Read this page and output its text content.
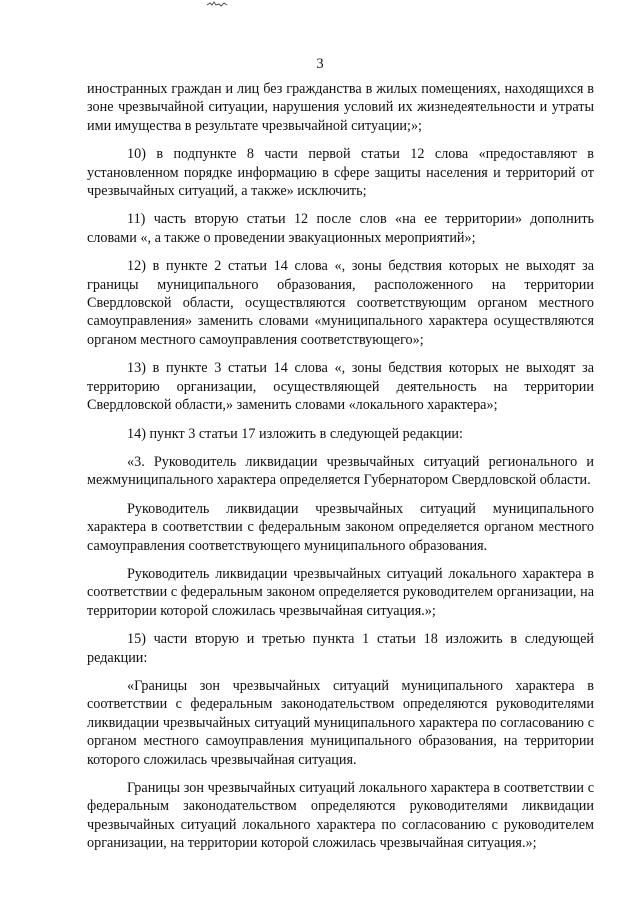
3

иностранных граждан и лиц без гражданства в жилых помещениях, находящихся в зоне чрезвычайной ситуации, нарушения условий их жизнедеятельности и утраты ими имущества в результате чрезвычайной ситуации;»;

10) в подпункте 8 части первой статьи 12 слова «предоставляют в установленном порядке информацию в сфере защиты населения и территорий от чрезвычайных ситуаций, а также» исключить;

11) часть вторую статьи 12 после слов «на ее территории» дополнить словами «, а также о проведении эвакуационных мероприятий»;

12) в пункте 2 статьи 14 слова «, зоны бедствия которых не выходят за границы муниципального образования, расположенного на территории Свердловской области, осуществляются соответствующим органом местного самоуправления» заменить словами «муниципального характера осуществляются органом местного самоуправления соответствующего»;

13) в пункте 3 статьи 14 слова «, зоны бедствия которых не выходят за территорию организации, осуществляющей деятельность на территории Свердловской области,» заменить словами «локального характера»;

14) пункт 3 статьи 17 изложить в следующей редакции:

«3. Руководитель ликвидации чрезвычайных ситуаций регионального и межмуниципального характера определяется Губернатором Свердловской области.

Руководитель ликвидации чрезвычайных ситуаций муниципального характера в соответствии с федеральным законом определяется органом местного самоуправления соответствующего муниципального образования.

Руководитель ликвидации чрезвычайных ситуаций локального характера в соответствии с федеральным законом определяется руководителем организации, на территории которой сложилась чрезвычайная ситуация.»;

15) части вторую и третью пункта 1 статьи 18 изложить в следующей редакции:

«Границы зон чрезвычайных ситуаций муниципального характера в соответствии с федеральным законодательством определяются руководителями ликвидации чрезвычайных ситуаций муниципального характера по согласованию с органом местного самоуправления муниципального образования, на территории которого сложилась чрезвычайная ситуация.

Границы зон чрезвычайных ситуаций локального характера в соответствии с федеральным законодательством определяются руководителями ликвидации чрезвычайных ситуаций локального характера по согласованию с руководителем организации, на территории которой сложилась чрезвычайная ситуация.»;
